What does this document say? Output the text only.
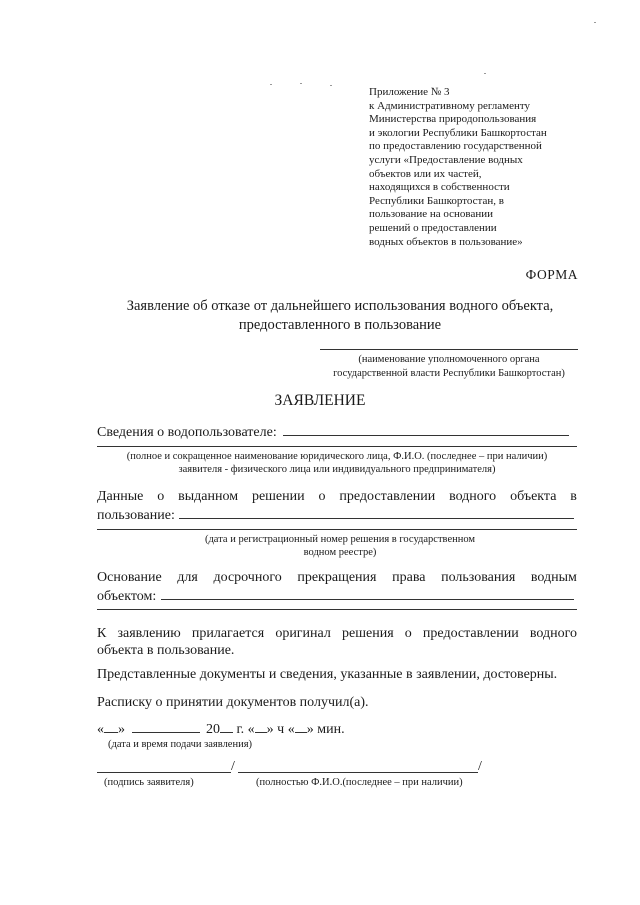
Приложение № 3
к Административному регламенту
Министерства природопользования
и экологии Республики Башкортостан
по предоставлению государственной
услуги «Предоставление водных
объектов или их частей,
находящихся в собственности
Республики Башкортостан, в
пользование на основании
решений о предоставлении
водных объектов в пользование»
ФОРМА
Заявление об отказе от дальнейшего использования водного объекта,
предоставленного в пользование
(наименование уполномоченного органа
государственной власти Республики Башкортостан)
ЗАЯВЛЕНИЕ
Сведения о водопользователе:
(полное и сокращенное наименование юридического лица, Ф.И.О. (последнее – при наличии)
заявителя - физического лица или индивидуального предпринимателя)
Данные о выданном решении о предоставлении водного объекта в
пользование:
(дата и регистрационный номер решения в государственном
водном реестре)
Основание для досрочного прекращения права пользования водным
объектом:
К заявлению прилагается оригинал решения о предоставлении водного
объекта в пользование.
Представленные документы и сведения, указанные в заявлении, достоверны.
Расписку о принятии документов получил(а).
« »	20 г. « » ч « » мин.
(дата и время подачи заявления)
/	/
(подпись заявителя)	(полностью Ф.И.О.(последнее – при наличии)
